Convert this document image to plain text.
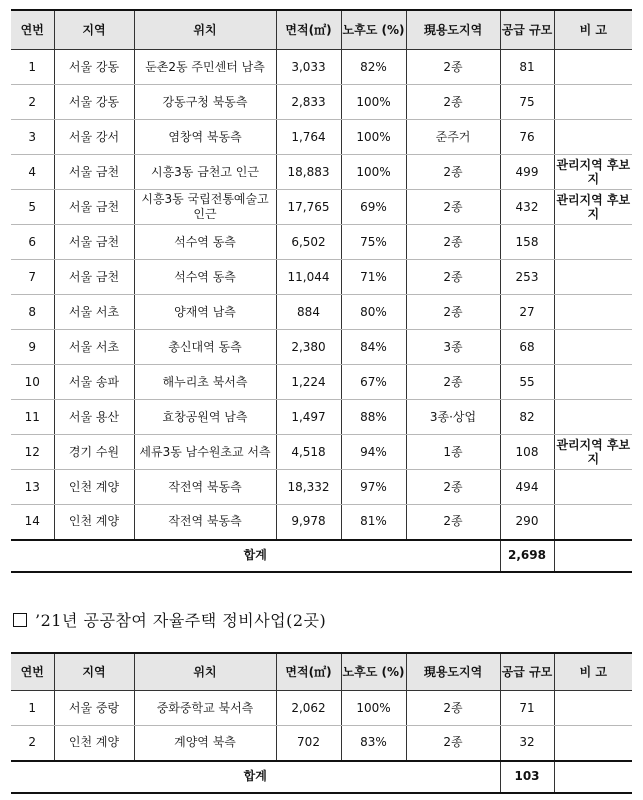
연번	지역	위치	면적(㎡)	노후도 (%)	現용도지역	공급 규모	비 고
1	서울 강동	둔촌2동 주민센터 남측	3,033	82%	2종	81	
2	서울 강동	강동구청 북동측	2,833	100%	2종	75	
3	서울 강서	염창역 북동측	1,764	100%	준주거	76	
4	서울 금천	시흥3동 금천고 인근	18,883	100%	2종	499	관리지역 후보지
5	서울 금천	시흥3동 국립전통예술고 인근	17,765	69%	2종	432	관리지역 후보지
6	서울 금천	석수역 동측	6,502	75%	2종	158	
7	서울 금천	석수역 동측	11,044	71%	2종	253	
8	서울 서초	양재역 남측	884	80%	2종	27	
9	서울 서초	총신대역 동측	2,380	84%	3종	68	
10	서울 송파	해누리초 북서측	1,224	67%	2종	55	
11	서울 용산	효창공원역 남측	1,497	88%	3종·상업	82	
12	경기 수원	세류3동 남수원초교 서측	4,518	94%	1종	108	관리지역 후보지
13	인천 계양	작전역 북동측	18,332	97%	2종	494	
14	인천 계양	작전역 북동측	9,978	81%	2종	290	
합계						2,698	
’21년 공공참여 자율주택 정비사업(2곳)
연번	지역	위치	면적(㎡)	노후도 (%)	現용도지역	공급 규모	비 고
1	서울 중랑	중화중학교 북서측	2,062	100%	2종	71	
2	인천 계양	계양역 북측	702	83%	2종	32	
합계						103	
